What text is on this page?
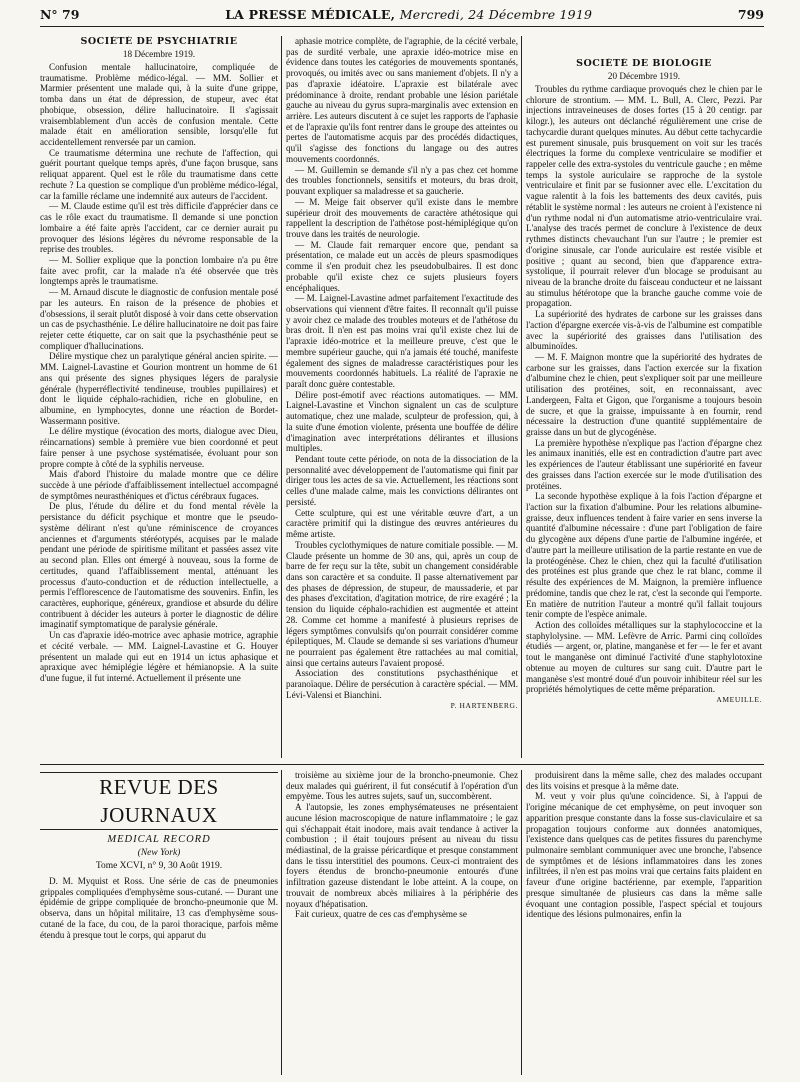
N° 79	LA PRESSE MÉDICALE, Mercredi, 24 Décembre 1919	799
SOCIÉTÉ DE PSYCHIATRIE
18 Décembre 1919.

Confusion mentale hallucinatoire, compliquée de traumatisme. Problème médico-légal. — MM. Sollier et Marmier présentent une malade qui, à la suite d'une grippe, tomba dans un état de dépression, de stupeur, avec état phobique, obsession, délire hallucinatoire. Il s'agissait vraisemblablement d'un accès de confusion mentale. Cette malade était en amélioration sensible, lorsqu'elle fut accidentellement renversée par un camion.

Ce traumatisme détermina une rechute de l'affection, qui guérit pourtant quelque temps après, d'une façon brusque, sans reliquat apparent. Quel est le rôle du traumatisme dans cette rechute ? La question se complique d'un problème médico-légal, car la famille réclame une indemnité aux auteurs de l'accident.

— M. Claude estime qu'il est très difficile d'apprécier dans ce cas le rôle exact du traumatisme. Il demande si une ponction lombaire a été faite après l'accident, car ce dernier aurait pu provoquer des lésions légères du névrome responsable de la reprise des troubles.

— M. Sollier explique que la ponction lombaire n'a pu être faite avec profit, car la malade n'a été observée que très longtemps après le traumatisme.

— M. Arnaud discute le diagnostic de confusion mentale posé par les auteurs. En raison de la présence de phobies et d'obsessions, il serait plutôt disposé à voir dans cette observation un cas de psychasthénie. Le délire hallucinatoire ne doit pas faire rejeter cette étiquette, car on sait que la psychasthénie peut se compliquer d'hallucinations.

Délire mystique chez un paralytique général ancien spirite. — MM. Laignel-Lavastine et Gourion montrent un homme de 61 ans qui présente des signes physiques légers de paralysie générale (hyperréflectivité tendineuse, troubles pupillaires) et dont le liquide céphalo-rachidien, riche en globuline, en albumine, en lymphocytes, donne une réaction de Bordet-Wassermann positive.

Le délire mystique (évocation des morts, dialogue avec Dieu, réincarnations) semble à première vue bien coordonné et peut faire penser à une psychose systématisée, évoluant pour son propre compte à côté de la syphilis nerveuse.

Mais d'abord l'histoire du malade montre que ce délire succède à une période d'affaiblissement intellectuel accompagné de symptômes neurasthéniques et d'ictus cérébraux fugaces.

De plus, l'étude du délire et du fond mental révèle la persistance du déficit psychique et montre que le pseudo-système délirant n'est qu'une réminiscence de croyances anciennes et d'arguments stéréotypés, acquises par le malade pendant une période de spiritisme militant et passées assez vite au second plan. Elles ont émergé à nouveau, sous la forme de certitudes, quand l'affaiblissement mental, atténuant les processus d'auto-conduction et de réduction intellectuelle, a permis l'efflorescence de l'automatisme des souvenirs. Enfin, les caractères, euphorique, généreux, grandiose et absurde du délire contribuent à décider les auteurs à porter le diagnostic de délire imaginatif symptomatique de paralysie générale.

Un cas d'apraxie idéo-motrice avec aphasie motrice, agraphie et cécité verbale. — MM. Laignel-Lavastine et G. Houyer présentent un malade qui eut en 1914 un ictus aphasique et apraxique avec hémiplégie légère et hémianopsie. A la suite d'une fugue, il fut interné. Actuellement il présente une

aphasie motrice complète, de l'agraphie, de la cécité verbale, pas de surdité verbale, une apraxie idéo-motrice mise en évidence dans toutes les catégories de mouvements spontanés, provoqués, ou imités avec ou sans maniement d'objets. Il n'y a pas d'apraxie idéatoire. L'apraxie est bilatérale avec prédominance à droite, rendant probable une lésion pariétale gauche au niveau du gyrus supra-marginalis avec extension en arrière. Les auteurs discutent à ce sujet les rapports de l'aphasie et de l'apraxie qu'ils font rentrer dans le groupe des atteintes ou pertes de l'automatisme acquis par des procédés didactiques, qu'il s'agisse des fonctions du langage ou des autres mouvements coordonnés.

— M. Guillemin se demande s'il n'y a pas chez cet homme des troubles fonctionnels, sensitifs et moteurs, du bras droit, pouvant expliquer sa maladresse et sa gaucherie.

— M. Meige fait observer qu'il existe dans le membre supérieur droit des mouvements de caractère athétosique qui rappellent la description de l'athétose post-hémiplégique qu'on trouve dans les traités de neurologie.

— M. Claude fait remarquer encore que, pendant sa présentation, ce malade eut un accès de pleurs spasmodiques comme il s'en produit chez les pseudobulbaires. Il est donc probable qu'il existe chez ce sujets plusieurs foyers encéphaliques.

— M. Laignel-Lavastine admet parfaitement l'exactitude des observations qui viennent d'être faites. Il reconnaît qu'il puisse y avoir chez ce malade des troubles moteurs et de l'athétose du bras droit. Il n'en est pas moins vrai qu'il existe chez lui de l'apraxie idéo-motrice et la meilleure preuve, c'est que le membre supérieur gauche, qui n'a jamais été touché, manifeste également des signes de maladresse caractéristiques pour les mouvements coordonnés habituels. La réalité de l'apraxie ne paraît donc guère contestable.

Délire post-émotif avec réactions automatiques. — MM. Laignel-Lavastine et Vinchon signalent un cas de sculpture automatique, chez une malade, sculpteur de profession, qui, à la suite d'une émotion violente, présenta une bouffée de délire d'imagination avec interprétations délirantes et illusions multiples.

Pendant toute cette période, on nota de la dissociation de la personnalité avec développement de l'automatisme qui finit par diriger tous les actes de sa vie. Actuellement, les réactions sont celles d'une malade calme, mais les convictions délirantes ont persisté.

Cette sculpture, qui est une véritable œuvre d'art, a un caractère primitif qui la distingue des œuvres antérieures du même artiste.

Troubles cyclothymiques de nature comitiale possible. — M. Claude présente un homme de 30 ans, qui, après un coup de barre de fer reçu sur la tête, subit un changement considérable dans son caractère et sa conduite. Il passe alternativement par des phases de dépression, de stupeur, de maussaderie, et par des phases d'excitation, d'agitation motrice, de rire exagéré ; la tension du liquide céphalo-rachidien est augmentée et atteint 28. Comme cet homme a manifesté à plusieurs reprises de légers symptômes convulsifs qu'on pourrait considérer comme épileptiques, M. Claude se demande si ses variations d'humeur ne pourraient pas également être rattachées au mal comitial, ainsi que certains auteurs l'avaient proposé.

Association des constitutions psychasthénique et paranoïaque. Délire de persécution à caractère spécial. — MM. Lévi-Valensi et Bianchini.

P. HARTENBERG.
SOCIÉTÉ DE BIOLOGIE
20 Décembre 1919.

Troubles du rythme cardiaque provoqués chez le chien par le chlorure de strontium. — MM. L. Bull, A. Clerc, Pezzi. Par injections intraveineuses de doses fortes (15 à 20 centigr. par kilogr.), les auteurs ont déclanché régulièrement une crise de tachycardie durant quelques minutes. Au début cette tachycardie est purement sinusale, puis brusquement on voit sur les tracés électriques la forme du complexe ventriculaire se modifier et rappeler celle des extra-systoles du ventricule gauche ; en même temps la systole auriculaire se rapproche de la systole ventriculaire et finit par se fusionner avec elle. L'excitation du vague ralentit à la fois les battements des deux cavités, puis rétablit le système normal : les auteurs ne croient à l'existence ni d'un rythme nodal ni d'un automatisme atrio-ventriculaire vrai. L'analyse des tracés permet de conclure à l'existence de deux rythmes distincts chevauchant l'un sur l'autre ; le premier est d'origine sinusale, car l'onde auriculaire est restée visible et positive ; quant au second, bien que d'apparence extra-systolique, il pourrait relever d'un blocage se produisant au niveau de la branche droite du faisceau conducteur et ne laissant au stimulus hétérotope que la branche gauche comme voie de propagation.

La supériorité des hydrates de carbone sur les graisses dans l'action d'épargne exercée vis-à-vis de l'albumine est compatible avec la supériorité des graisses dans l'utilisation des albuminoïdes.

— M. F. Maignon montre que la supériorité des hydrates de carbone sur les graisses, dans l'action exercée sur la fixation d'albumine chez le chien, peut s'expliquer soit par une meilleure utilisation des protéines, soit, en reconnaissant, avec Landergeen, Falta et Gigon, que l'organisme a toujours besoin de sucre, et que la graisse, impuissante à en fournir, rend nécessaire la destruction d'une quantité supplémentaire de graisse dans un but de glycogénèse.

La première hypothèse n'explique pas l'action d'épargne chez les animaux inanitiés, elle est en contradiction d'autre part avec les expériences de l'auteur établissant une supériorité en faveur des graisses dans l'action exercée sur le mode d'utilisation des protéines.

La seconde hypothèse explique à la fois l'action d'épargne et l'action sur la fixation d'albumine. Pour les relations albumine-graisse, deux influences tendent à faire varier en sens inverse la quantité d'albumine nécessaire : d'une part l'obligation de faire du glycogène aux dépens d'une partie de l'albumine ingérée, et d'autre part la meilleure utilisation de la partie restante en vue de la protéogénèse. Chez le chien, chez qui la faculté d'utilisation des protéines est plus grande que chez le rat blanc, comme il résulte des expériences de M. Maignon, la première influence prédomine, tandis que chez le rat, c'est la seconde qui l'emporte. En matière de nutrition l'auteur a montré qu'il fallait toujours tenir compte de l'espèce animale.

Action des colloïdes métalliques sur la staphylococcine et la staphylolysine. — MM. Lefèvre de Arric. Parmi cinq colloïdes étudiés — argent, or, platine, manganèse et fer — le fer et avant tout le manganèse ont diminué l'activité d'une staphylotoxine obtenue au moyen de cultures sur sang cuit. D'autre part le manganèse s'est montré doué d'un pouvoir inhibiteur réel sur les propriétés hémolytiques de cette même préparation.

AMEUILLE.
REVUE DES JOURNAUX
MEDICAL RECORD
(New York)
Tome XCVI, n° 9, 30 Août 1919.

D. M. Myquist et Ross. Une série de cas de pneumonies grippales compliquées d'emphysème sous-cutané. — Durant une épidémie de grippe compliquée de broncho-pneumonie que M. observa, dans un hôpital militaire, 13 cas d'emphysème sous-cutané de la face, du cou, de la paroi thoracique, parfois même étendu à presque tout le corps, qui apparut du

troisième au sixième jour de la broncho-pneumonie. Chez deux malades qui guérirent, il fut consécutif à l'opération d'un empyème. Tous les autres sujets, sauf un, succombèrent.

A l'autopsie, les zones emphysémateuses ne présentaient aucune lésion macroscopique de nature inflammatoire ; le gaz qui s'échappait était inodore, mais avait tendance à activer la combustion ; il était toujours présent au niveau du tissu médiastinal, de la graisse péricardique et presque constamment dans le tissu interstitiel des poumons. Ceux-ci montraient des foyers étendus de broncho-pneumonie entourés d'une infiltration gazeuse distendant le lobe atteint. A la coupe, on trouvait de nombreux abcès miliaires à la périphérie des noyaux d'hépatisation.

Fait curieux, quatre de ces cas d'emphysème se

produisirent dans la même salle, chez des malades occupant des lits voisins et presque à la même date.

M. veut y voir plus qu'une coïncidence. Si, à l'appui de l'origine mécanique de cet emphysème, on peut invoquer son apparition presque constante dans la fosse sus-claviculaire et sa propagation toujours conforme aux données anatomiques, l'existence dans quelques cas de petites fissures du parenchyme pulmonaire semblant communiquer avec une bronche, l'absence de symptômes et de lésions inflammatoires dans les zones infiltrées, il n'en est pas moins vrai que certains faits plaident en faveur d'une origine bactérienne, par exemple, l'apparition presque simultanée de plusieurs cas dans la même salle évoquant une contagion possible, l'aspect spécial et toujours identique des lésions pulmonaires, enfin la
